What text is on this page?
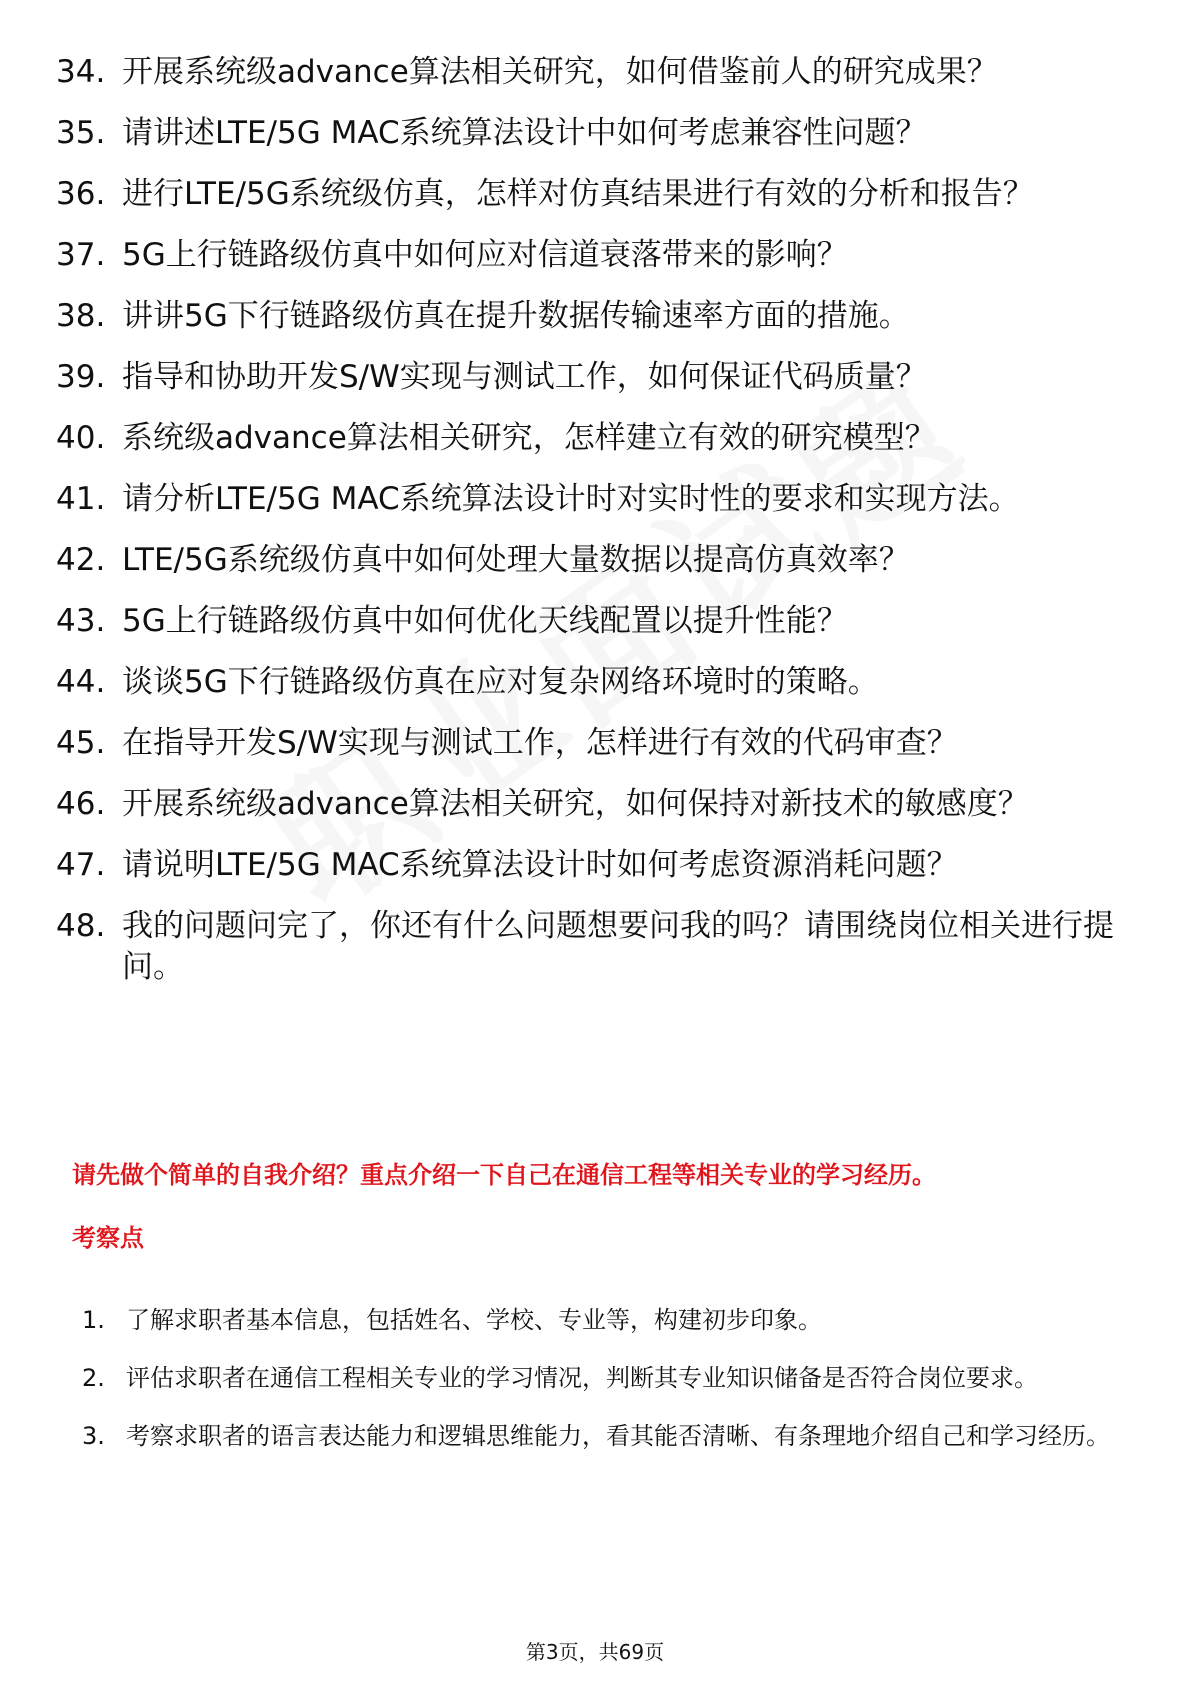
34. 开展系统级advance算法相关研究，如何借鉴前人的研究成果？
35. 请讲述LTE/5G MAC系统算法设计中如何考虑兼容性问题？
36. 进行LTE/5G系统级仿真，怎样对仿真结果进行有效的分析和报告？
37. 5G上行链路级仿真中如何应对信道衰落带来的影响？
38. 讲讲5G下行链路级仿真在提升数据传输速率方面的措施。
39. 指导和协助开发S/W实现与测试工作，如何保证代码质量？
40. 系统级advance算法相关研究，怎样建立有效的研究模型？
41. 请分析LTE/5G MAC系统算法设计时对实时性的要求和实现方法。
42. LTE/5G系统级仿真中如何处理大量数据以提高仿真效率？
43. 5G上行链路级仿真中如何优化天线配置以提升性能？
44. 谈谈5G下行链路级仿真在应对复杂网络环境时的策略。
45. 在指导开发S/W实现与测试工作，怎样进行有效的代码审查？
46. 开展系统级advance算法相关研究，如何保持对新技术的敏感度？
47. 请说明LTE/5G MAC系统算法设计时如何考虑资源消耗问题？
48. 我的问题问完了，你还有什么问题想要问我的吗？请围绕岗位相关进行提问。
请先做个简单的自我介绍？重点介绍一下自己在通信工程等相关专业的学习经历。
考察点
1. 了解求职者基本信息，包括姓名、学校、专业等，构建初步印象。
2. 评估求职者在通信工程相关专业的学习情况，判断其专业知识储备是否符合岗位要求。
3. 考察求职者的语言表达能力和逻辑思维能力，看其能否清晰、有条理地介绍自己和学习经历。
第3页，共69页
